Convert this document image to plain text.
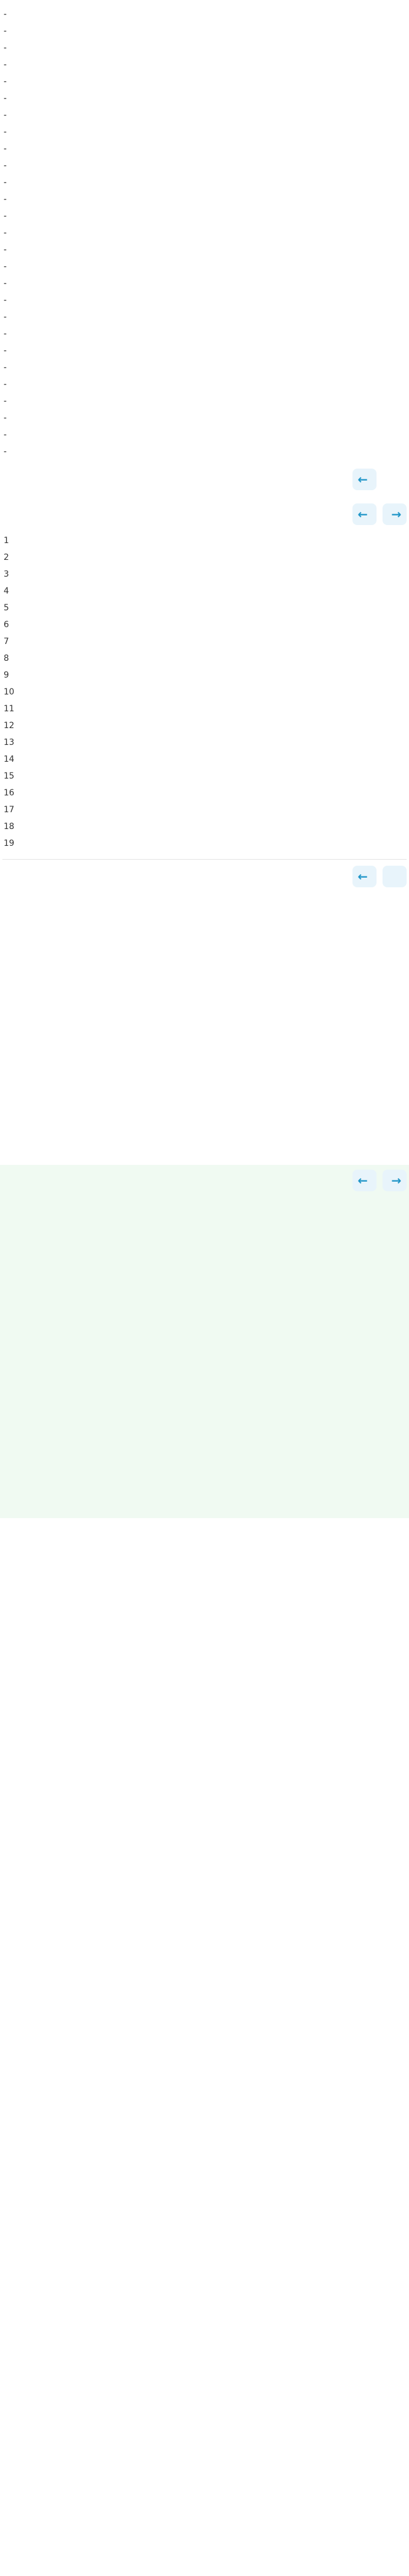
-
-
-
-
-
-
-
-
-
-
-
-
-
-
-
-
-
-
-
-
-
-
-
-
-
-
-
←
← →
1
2
3
4
5
6
7
8
9
10
11
12
13
14
15
16
17
18
19
←
← →
